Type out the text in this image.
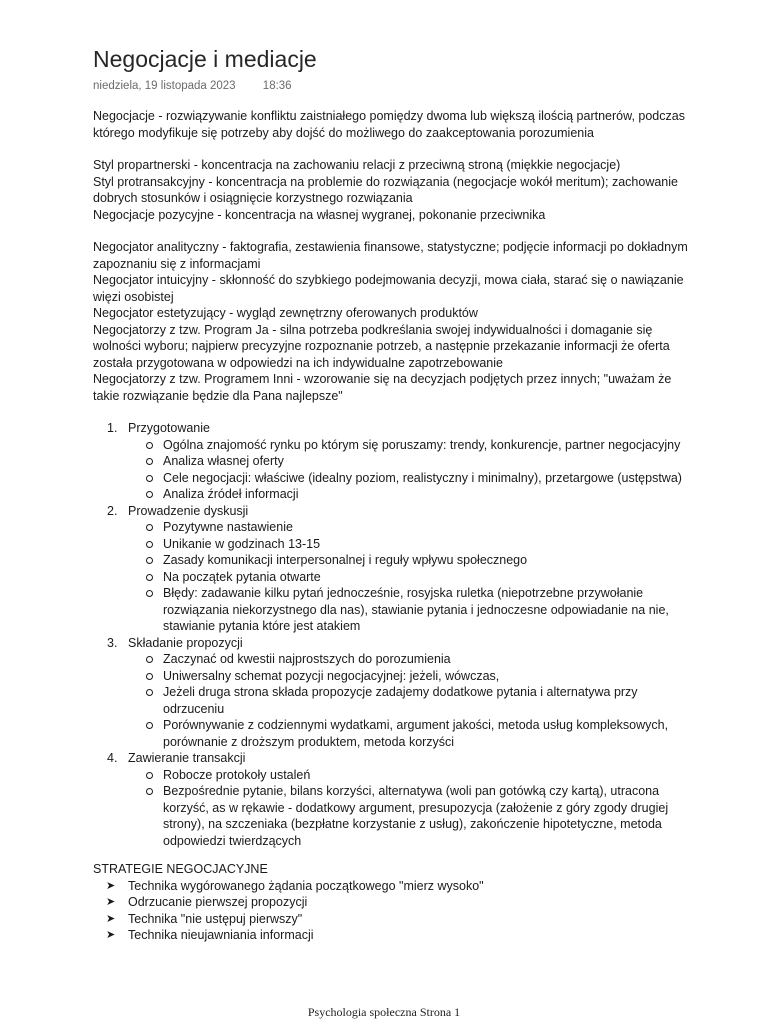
Negocjacje i mediacje
niedziela, 19 listopada 2023 18:36

Negocjacje - rozwiązywanie konfliktu zaistniałego pomiędzy dwoma lub większą ilością partnerów, podczas którego modyfikuje się potrzeby aby dojść do możliwego do zaakceptowania porozumienia

Styl propartnerski - koncentracja na zachowaniu relacji z przeciwną stroną (miękkie negocjacje)

Styl protransakcyjny - koncentracja na problemie do rozwiązania (negocjacje wokół meritum); zachowanie dobrych stosunków i osiągnięcie korzystnego rozwiązania

Negocjacje pozycyjne - koncentracja na własnej wygranej, pokonanie przeciwnika

Negocjator analityczny - faktografia, zestawienia finansowe, statystyczne; podjęcie informacji po dokładnym zapoznaniu się z informacjami

Negocjator intuicyjny - skłonność do szybkiego podejmowania decyzji, mowa ciała, starać się o nawiązanie więzi osobistej

Negocjator estetyzujący - wygląd zewnętrzny oferowanych produktów

Negocjatorzy z tzw. Program Ja - silna potrzeba podkreślania swojej indywidualności i domaganie się wolności wyboru; najpierw precyzyjne rozpoznanie potrzeb, a następnie przekazanie informacji że oferta została przygotowana w odpowiedzi na ich indywidualne zapotrzebowanie

Negocjatorzy z tzw. Programem Inni - wzorowanie się na decyzjach podjętych przez innych; "uważam że takie rozwiązanie będzie dla Pana najlepsze"

1. Przygotowanie
Ogólna znajomość rynku po którym się poruszamy: trendy, konkurencje, partner negocjacyjny
Analiza własnej oferty
Cele negocjacji: właściwe (idealny poziom, realistyczny i minimalny), przetargowe (ustępstwa)
Analiza źródeł informacji
2. Prowadzenie dyskusji
Pozytywne nastawienie
Unikanie w godzinach 13-15
Zasady komunikacji interpersonalnej i reguły wpływu społecznego
Na początek pytania otwarte
Błędy: zadawanie kilku pytań jednocześnie, rosyjska ruletka (niepotrzebne przywołanie rozwiązania niekorzystnego dla nas), stawianie pytania i jednoczesne odpowiadanie na nie, stawianie pytania które jest atakiem
3. Składanie propozycji
Zaczynać od kwestii najprostszych do porozumienia
Uniwersalny schemat pozycji negocjacyjnej: jeżeli, wówczas,
Jeżeli druga strona składa propozycje zadajemy dodatkowe pytania i alternatywa przy odrzuceniu
Porównywanie z codziennymi wydatkami, argument jakości, metoda usług kompleksowych, porównanie z droższym produktem, metoda korzyści
4. Zawieranie transakcji
Robocze protokoły ustaleń
Bezpośrednie pytanie, bilans korzyści, alternatywa (woli pan gotówką czy kartą), utracona korzyść, as w rękawie - dodatkowy argument, presupozycja (założenie z góry zgody drugiej strony), na szczeniaka (bezpłatne korzystanie z usług), zakończenie hipotetyczne, metoda odpowiedzi twierdzących

STRATEGIE NEGOCJACYJNE

➤ Technika wygórowanego żądania początkowego "mierz wysoko"
➤ Odrzucanie pierwszej propozycji
➤ Technika "nie ustępuj pierwszy"
➤ Technika nieujawniania informacji
Psychologia społeczna Strona 1
